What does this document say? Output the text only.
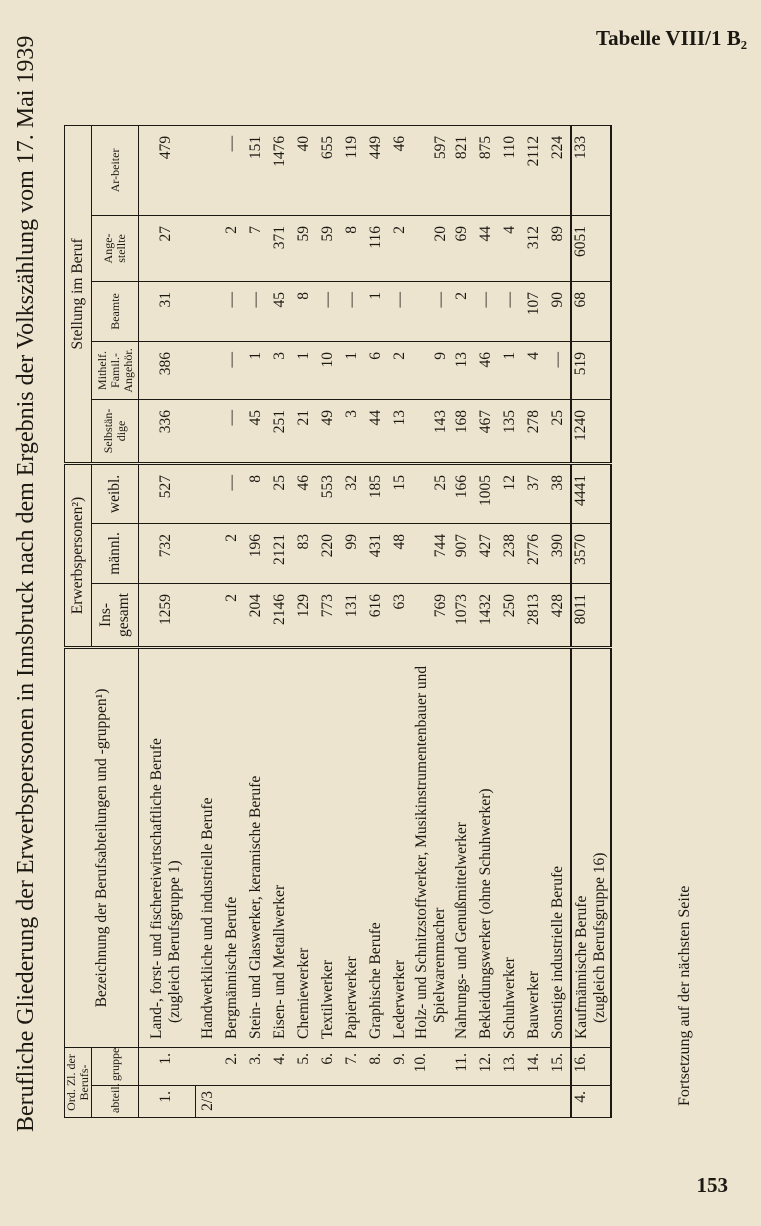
Tabelle VIII/1 B₂
Berufliche Gliederung der Erwerbspersonen in Innsbruck nach dem Ergebnis der Volkszählung vom 17. Mai 1939 Ord. Zl. der Berufs-		Bezeichnung der Berufsabteilungen und -gruppen¹)	Erwerbspersonen²)			Stellung im Beruf				
abteil.	gruppe		Ins-gesamt	männl.	weibl.	Selbstän-dige	Mithelf. Famil.-Angehör.	Beamte	Ange-stellte	Ar-beiter

1.	1.	Land-, forst- und fischereiwirtschaftliche Berufe (zugleich Berufsgruppe 1)	1259	732	527	336	386	31	27	479

2/3		Handwerkliche und industrielle Berufe								
	2.	Bergmännische Berufe	2	2	—	—	—	—	2	—
	3.	Stein- und Glaswerker, keramische Berufe	204	196	8	45	1	—	7	151
	4.	Eisen- und Metallwerker	2146	2121	25	251	3	45	371	1476
	5.	Chemiewerker	129	83	46	21	1	8	59	40
	6.	Textilwerker	773	220	553	49	10	—	59	655
	7.	Papierwerker	131	99	32	3	1	—	8	119
	8.	Graphische Berufe	616	431	185	44	6	1	116	449
	9.	Lederwerker	63	48	15	13	2	—	2	46
	10.	Holz- und Schnitzstoffwerker, Musikinstrumentenbauer und Spielwarenmacher	769	744	25	143	9	—	20	597
	11.	Nahrungs- und Genußmittelwerker	1073	907	166	168	13	2	69	821
	12.	Bekleidungswerker (ohne Schuhwerker)	1432	427	1005	467	46	—	44	875
	13.	Schuhwerker	250	238	12	135	1	—	4	110
	14.	Bauwerker	2813	2776	37	278	4	107	312	2112
	15.	Sonstige industrielle Berufe	428	390	38	25	—	90	89	224
4.	16.	Kaufmännische Berufe (zugleich Berufsgruppe 16)	8011	3570	4441	1240	519	68	6051	133
Fortsetzung auf der nächsten Seite
153
